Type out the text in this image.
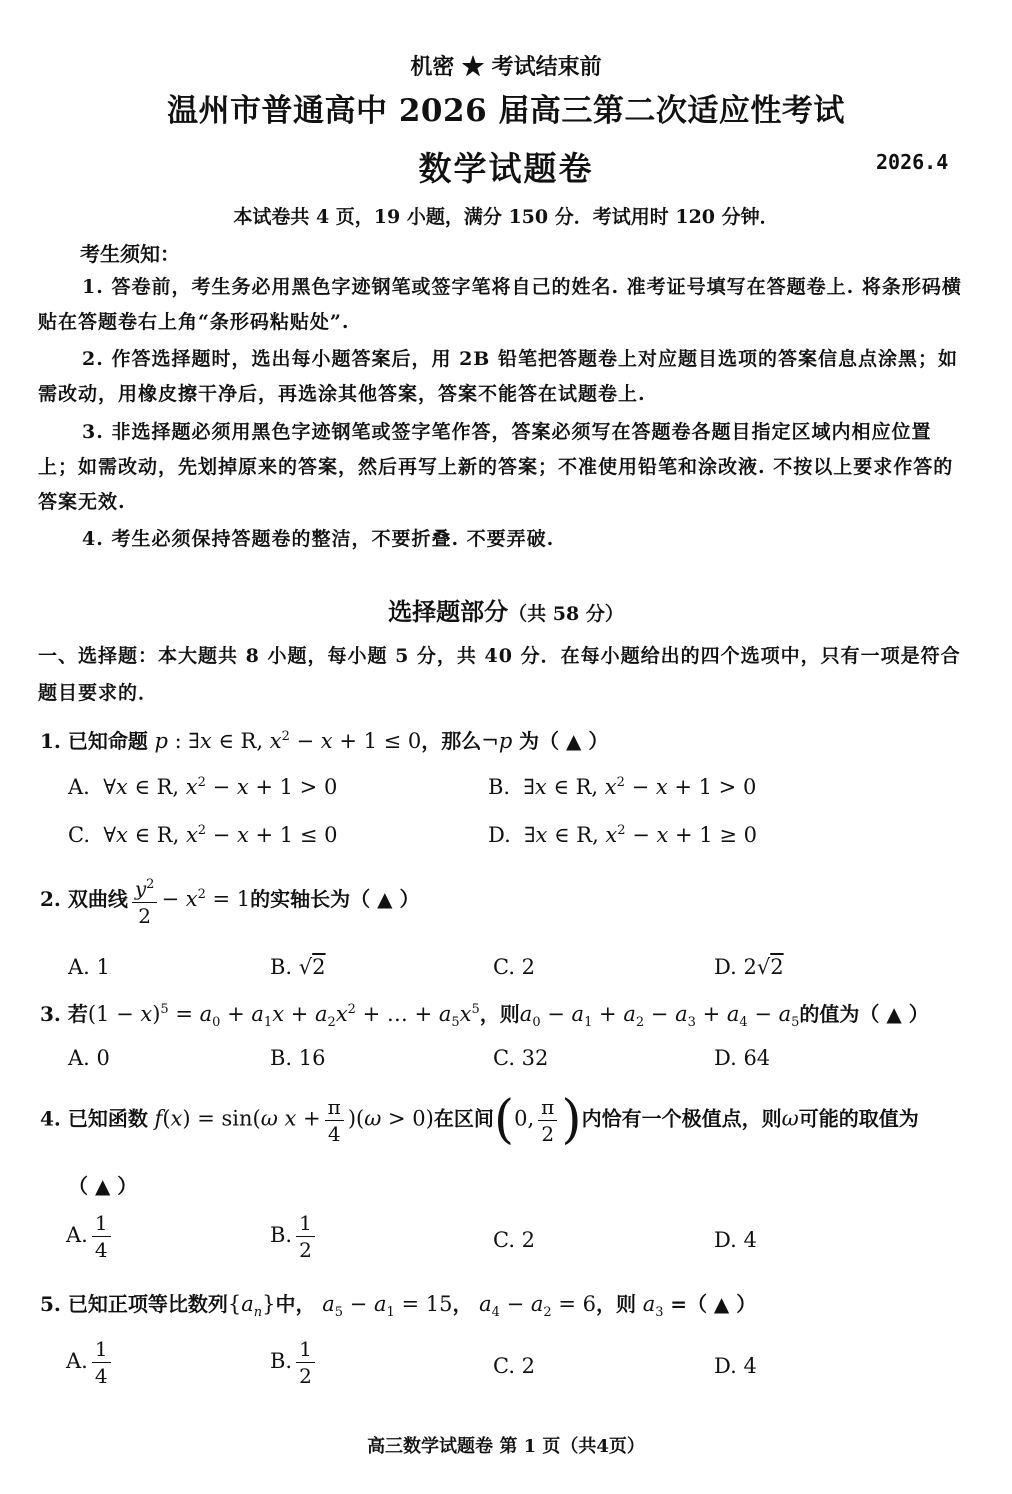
机密 ★ 考试结束前
温州市普通高中 2026 届高三第二次适应性考试
数学试题卷	2026.4
本试卷共 4 页，19 小题，满分 150 分．考试用时 120 分钟．
考生须知：
1. 答卷前，考生务必用黑色字迹钢笔或签字笔将自己的姓名. 准考证号填写在答题卷上. 将条形码横贴在答题卷右上角“条形码粘贴处”.
2. 作答选择题时，选出每小题答案后，用 2B 铅笔把答题卷上对应题目选项的答案信息点涂黑；如需改动，用橡皮擦干净后，再选涂其他答案，答案不能答在试题卷上.
3. 非选择题必须用黑色字迹钢笔或签字笔作答，答案必须写在答题卷各题目指定区域内相应位置上；如需改动，先划掉原来的答案，然后再写上新的答案；不准使用铅笔和涂改液. 不按以上要求作答的答案无效.
4. 考生必须保持答题卷的整洁，不要折叠. 不要弄破.
选择题部分（共 58 分）
一、选择题：本大题共 8 小题，每小题 5 分，共 40 分．在每小题给出的四个选项中，只有一项是符合题目要求的．
1. 已知命题 p : ∃x ∈ R, $x^2 - x + 1 \le 0$，那么¬p 为（ ▲ ）
A.  ∀x ∈ R, $x^2 - x + 1 > 0$	B.  ∃x ∈ R, $x^2 - x + 1 > 0$
C.  ∀x ∈ R, $x^2 - x + 1 \le 0$	D.  ∃x ∈ R, $x^2 - x + 1 \ge 0$
2. 双曲线 $\frac{y^2}{2} - x^2 = 1$的实轴长为（ ▲ ）
A. 1	B. √2	C. 2	D. 2√2
3. 若$(1 - x)^5 = a_0 + a_1x + a_2x^2$ + … + $a_5x^5$，则$a_0 - a_1 + a_2 - a_3 + a_4 - a_5$的值为（ ▲ ）
A. 0	B. 16	C. 32	D. 64
4. 已知函数 f(x) = sin(ω $x + \frac{\pi}{4} )(\omega > 0)$在区间(0, $\frac{\pi}{2}$ )内恰有一个极值点，则ω可能的取值为
（ ▲ ）
A. $\frac{1}{4}$	B. $\frac{1}{2}$	C. 2	D. 4
5. 已知正项等比数列$\{a_n\}$中， $a_5 - a_1 = 15$， $a_4 - a_2 = 6$，则 $a_3$ =（ ▲ ）
A. $\frac{1}{4}$	B. $\frac{1}{2}$	C. 2	D. 4
高三数学试题卷 第 1 页（共4页）
